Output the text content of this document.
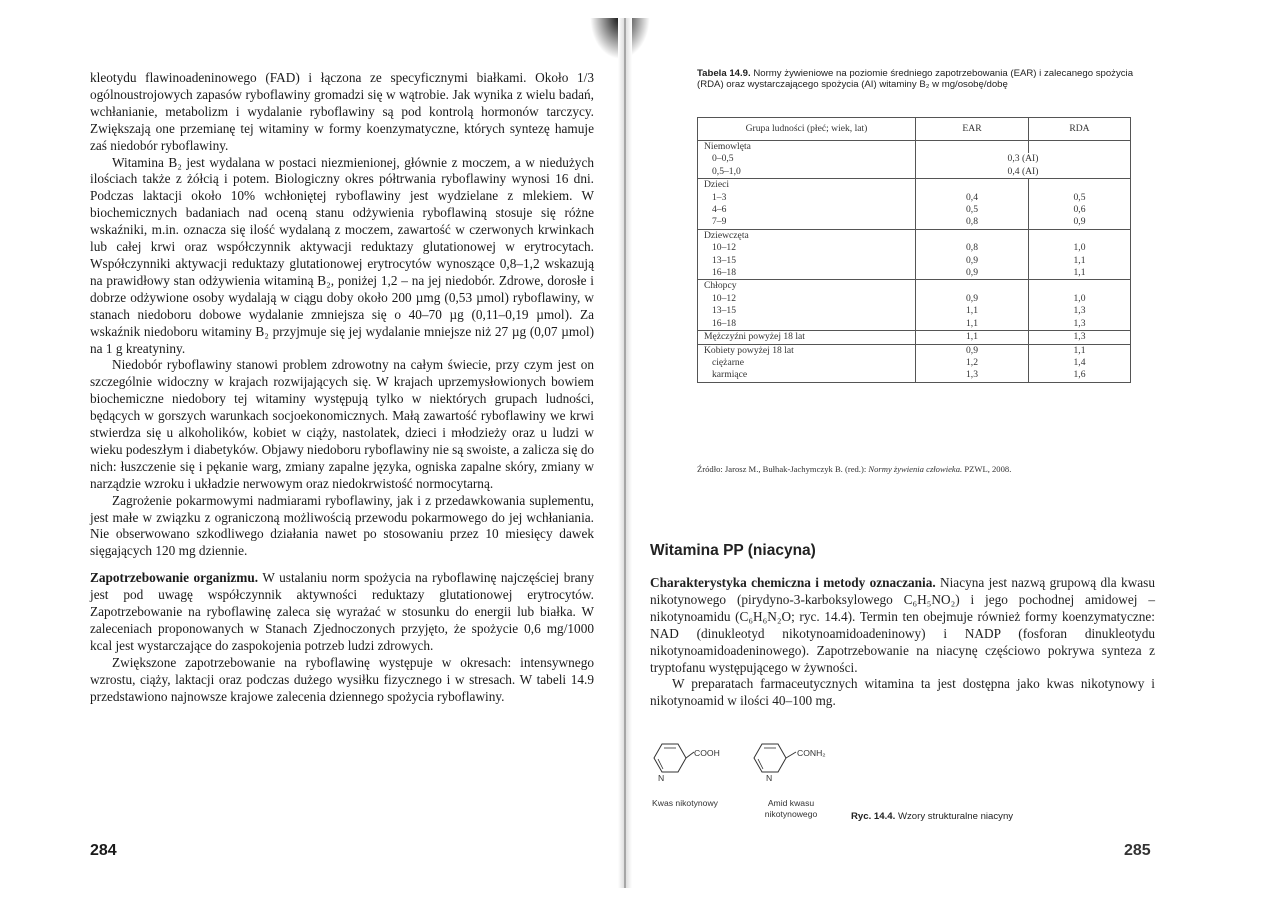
kleotydu flawinoadeninowego (FAD) i łączona ze specyficznymi białkami. Około 1/3 ogólnoustrojowych zapasów ryboflawiny gromadzi się w wątrobie. Jak wynika z wielu badań, wchłanianie, metabolizm i wydalanie ryboflawiny są pod kontrolą hormonów tarczycy. Zwiększają one przemianę tej witaminy w formy koenzymatyczne, których syntezę hamuje zaś niedobór ryboflawiny.

Witamina B₂ jest wydalana w postaci niezmienionej, głównie z moczem, a w niedużych ilościach także z żółcią i potem. Biologiczny okres półtrwania ryboflawiny wynosi 16 dni. Podczas laktacji około 10% wchłoniętej ryboflawiny jest wydzielane z mlekiem. W biochemicznych badaniach nad oceną stanu odżywienia ryboflawiną stosuje się różne wskaźniki, m.in. oznacza się ilość wydalaną z moczem, zawartość w czerwonych krwinkach lub całej krwi oraz współczynnik aktywacji reduktazy glutationowej w erytrocytach. Współczynniki aktywacji reduktazy glutationowej erytrocytów wynoszące 0,8–1,2 wskazują na prawidłowy stan odżywienia witaminą B₂, poniżej 1,2 – na jej niedobór. Zdrowe, dorosłe i dobrze odżywione osoby wydalają w ciągu doby około 200 µmg (0,53 µmol) ryboflawiny, w stanach niedoboru dobowe wydalanie zmniejsza się o 40–70 µg (0,11–0,19 µmol). Za wskaźnik niedoboru witaminy B₂ przyjmuje się jej wydalanie mniejsze niż 27 µg (0,07 µmol) na 1 g kreatyniny.

Niedobór ryboflawiny stanowi problem zdrowotny na całym świecie, przy czym jest on szczególnie widoczny w krajach rozwijających się. W krajach uprzemysłowionych bowiem biochemiczne niedobory tej witaminy występują tylko w niektórych grupach ludności, będących w gorszych warunkach socjoekonomicznych. Małą zawartość ryboflawiny we krwi stwierdza się u alkoholików, kobiet w ciąży, nastolatek, dzieci i młodzieży oraz u ludzi w wieku podeszłym i diabetyków. Objawy niedoboru ryboflawiny nie są swoiste, a zalicza się do nich: łuszczenie się i pękanie warg, zmiany zapalne języka, ogniska zapalne skóry, zmiany w narządzie wzroku i układzie nerwowym oraz niedokrwistość normocytarną.

Zagrożenie pokarmowymi nadmiarami ryboflawiny, jak i z przedawkowania suplementu, jest małe w związku z ograniczoną możliwością przewodu pokarmowego do jej wchłaniania. Nie obserwowano szkodliwego działania nawet po stosowaniu przez 10 miesięcy dawek sięgających 120 mg dziennie.

Zapotrzebowanie organizmu. W ustalaniu norm spożycia na ryboflawinę najczęściej brany jest pod uwagę współczynnik aktywności reduktazy glutationowej erytrocytów. Zapotrzebowanie na ryboflawinę zaleca się wyrażać w stosunku do energii lub białka. W zaleceniach proponowanych w Stanach Zjednoczonych przyjęto, że spożycie 0,6 mg/1000 kcal jest wystarczające do zaspokojenia potrzeb ludzi zdrowych.

Zwiększone zapotrzebowanie na ryboflawinę występuje w okresach: intensywnego wzrostu, ciąży, laktacji oraz podczas dużego wysiłku fizycznego i w stresach. W tabeli 14.9 przedstawiono najnowsze krajowe zalecenia dziennego spożycia ryboflawiny.

284
Tabela 14.9. Normy żywieniowe na poziomie średniego zapotrzebowania (EAR) i zalecanego spożycia (RDA) oraz wystarczającego spożycia (AI) witaminy B₂ w mg/osobę/dobę
Grupa ludności (płeć; wiek, lat)	EAR	RDA
Niemowlęta		
0–0,5	0,3 (AI)	
0,5–1,0	0,4 (AI)	
Dzieci		
1–3	0,4	0,5
4–6	0,5	0,6
7–9	0,8	0,9
Dziewczęta		
10–12	0,8	1,0
13–15	0,9	1,1
16–18	0,9	1,1
Chłopcy		
10–12	0,9	1,0
13–15	1,1	1,3
16–18	1,1	1,3
Mężczyźni powyżej 18 lat	1,1	1,3
Kobiety powyżej 18 lat	0,9	1,1
ciężarne	1,2	1,4
karmiące	1,3	1,6
Źródło: Jarosz M., Bułhak-Jachymczyk B. (red.): Normy żywienia człowieka. PZWL, 2008.
Witamina PP (niacyna)

Charakterystyka chemiczna i metody oznaczania. Niacyna jest nazwą grupową dla kwasu nikotynowego (pirydyno-3-karboksylowego C₆H₅NO₂) i jego pochodnej amidowej – nikotynoamidu (C₆H₆N₂O; ryc. 14.4). Termin ten obejmuje również formy koenzymatyczne: NAD (dinukleotyd nikotynoamidoadeninowy) i NADP (fosforan dinukleotydu nikotynoamidoadeninowego). Zapotrzebowanie na niacynę częściowo pokrywa synteza z tryptofanu występującego w żywności.

W preparatach farmaceutycznych witamina ta jest dostępna jako kwas nikotynowy i nikotynoamid w ilości 40–100 mg.

COOH
N
Kwas nikotynowy
CONH₂
N
Amid kwasu nikotynowego	Ryc. 14.4. Wzory strukturalne niacyny
285
